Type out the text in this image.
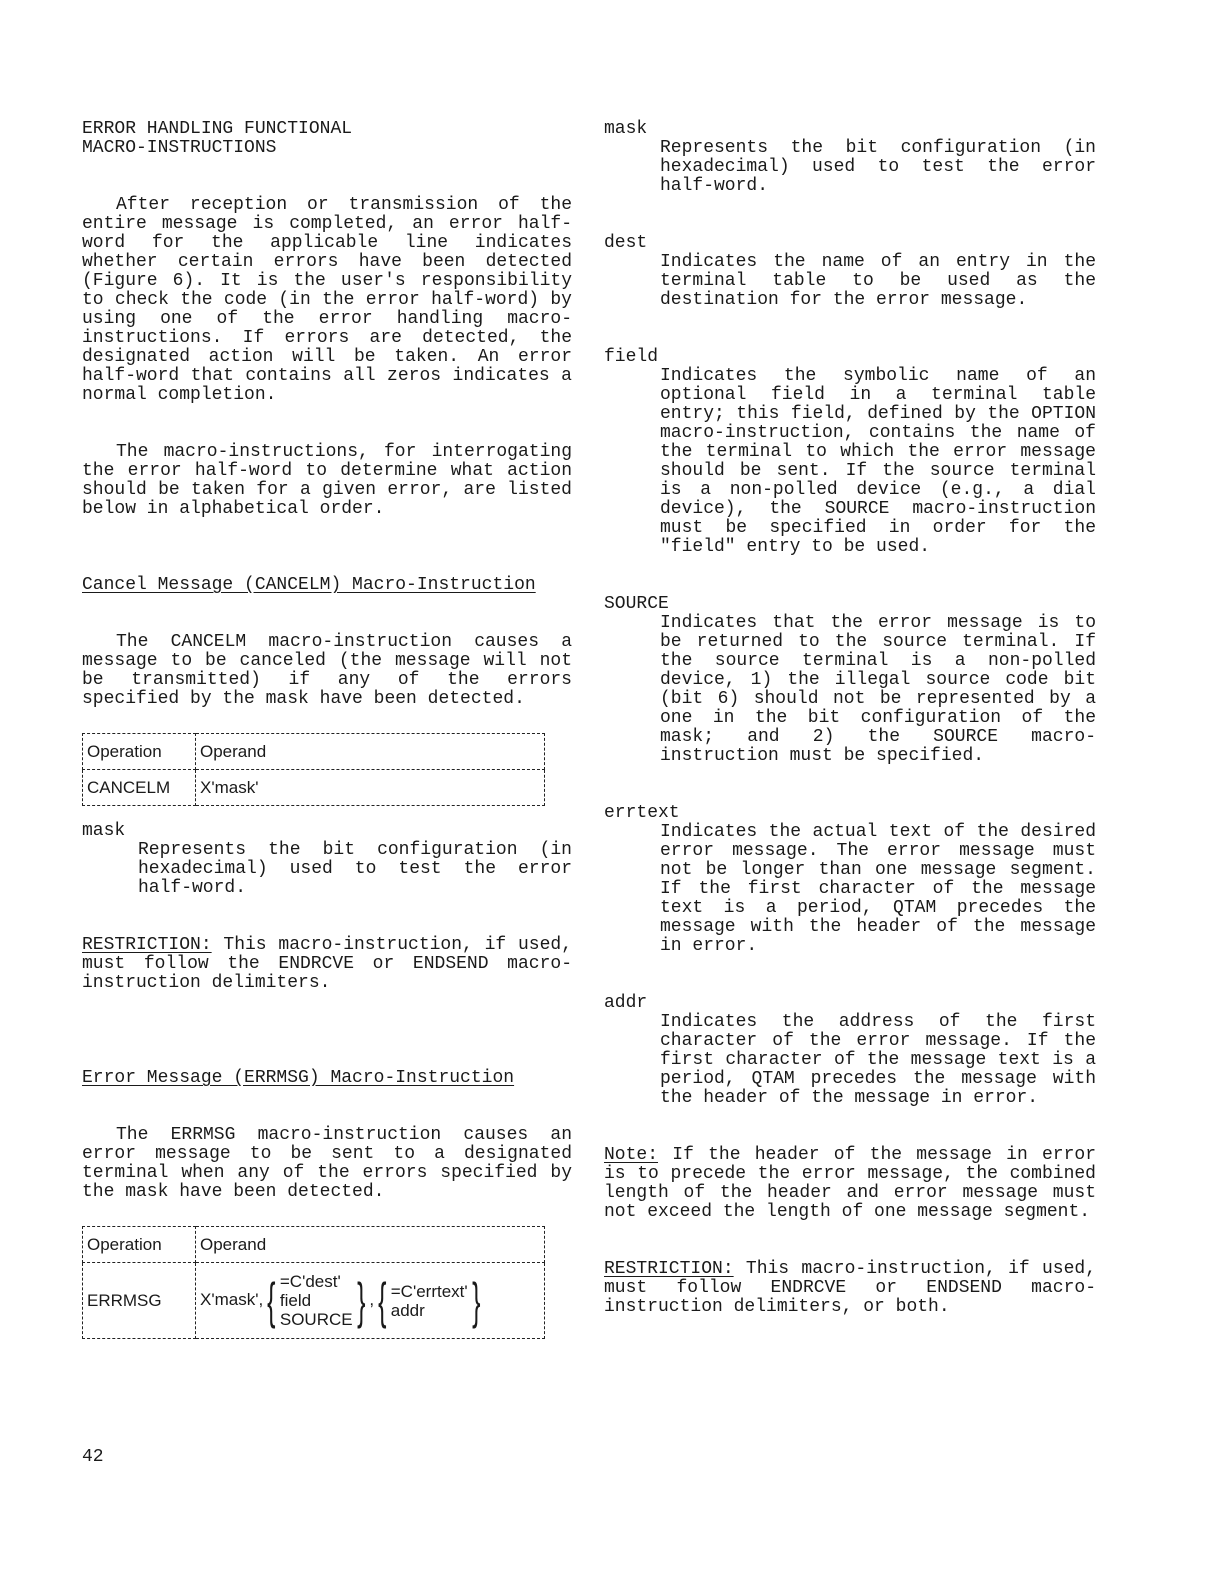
ERROR HANDLING FUNCTIONAL
MACRO-INSTRUCTIONS

After reception or transmission of the entire message is completed, an error half-word for the applicable line indicates whether certain errors have been detected (Figure 6). It is the user's responsibility to check the code (in the error half-word) by using one of the error handling macro-instructions. If errors are detected, the designated action will be taken. An error half-word that contains all zeros indicates a normal completion.

The macro-instructions, for interrogating the error half-word to determine what action should be taken for a given error, are listed below in alphabetical order.

Cancel Message (CANCELM) Macro-Instruction

The CANCELM macro-instruction causes a message to be canceled (the message will not be transmitted) if any of the errors specified by the mask have been detected.

Operation	Operand
CANCELM	X'mask'

mask

Represents the bit configuration (in hexadecimal) used to test the error half-word.

RESTRICTION: This macro-instruction, if used, must follow the ENDRCVE or ENDSEND macro-instruction delimiters.

Error Message (ERRMSG) Macro-Instruction

The ERRMSG macro-instruction causes an error message to be sent to a designated terminal when any of the errors specified by the mask have been detected.

Operation	Operand
ERRMSG	X'mask',{ =C'dest'
field
SOURCE} ,{ =C'errtext'
addr }

mask

Represents the bit configuration (in hexadecimal) used to test the error half-word.

dest

Indicates the name of an entry in the terminal table to be used as the destination for the error message.

field

Indicates the symbolic name of an optional field in a terminal table entry; this field, defined by the OPTION macro-instruction, contains the name of the terminal to which the error message should be sent. If the source terminal is a non-polled device (e.g., a dial device), the SOURCE macro-instruction must be specified in order for the "field" entry to be used.

SOURCE

Indicates that the error message is to be returned to the source terminal. If the source terminal is a non-polled device, 1) the illegal source code bit (bit 6) should not be represented by a one in the bit configuration of the mask; and 2) the SOURCE macro-instruction must be specified.

errtext

Indicates the actual text of the desired error message. The error message must not be longer than one message segment. If the first character of the message text is a period, QTAM precedes the message with the header of the message in error.

addr

Indicates the address of the first character of the error message. If the first character of the message text is a period, QTAM precedes the message with the header of the message in error.

Note: If the header of the message in error is to precede the error message, the combined length of the header and error message must not exceed the length of one message segment.

RESTRICTION: This macro-instruction, if used, must follow ENDRCVE or ENDSEND macro-instruction delimiters, or both.

42
